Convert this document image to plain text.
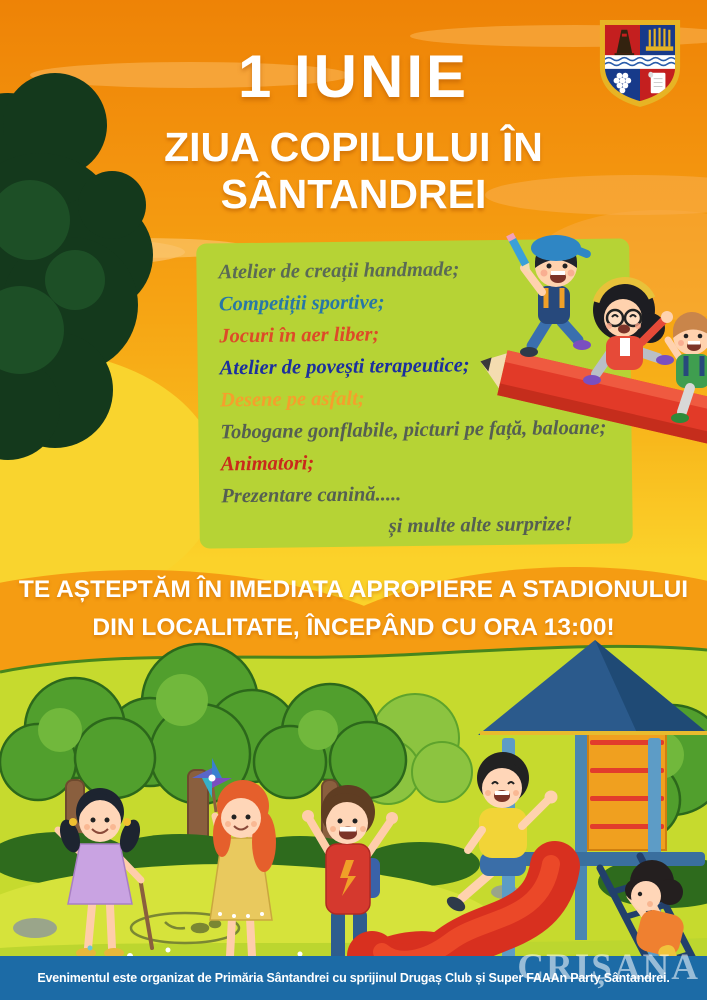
1 IUNIE
ZIUA COPILULUI ÎN
SÂNTANDREI
Atelier de creații handmade;
Competiții sportive;
Jocuri în aer liber;
Atelier de povești terapeutice;
Desene pe asfalt;
Tobogane gonflabile, picturi pe față, baloane;
Animatori;
Prezentare canină.....
și multe alte surprize!
TE AȘTEPTĂM ÎN IMEDIATA APROPIERE A STADIONULUI
DIN LOCALITATE, ÎNCEPÂND CU ORA 13:00!
Evenimentul este organizat de Primăria Sântandrei cu sprijinul Drugaș Club și Super FAAAn Party Sântandrei.
CRIȘANA
